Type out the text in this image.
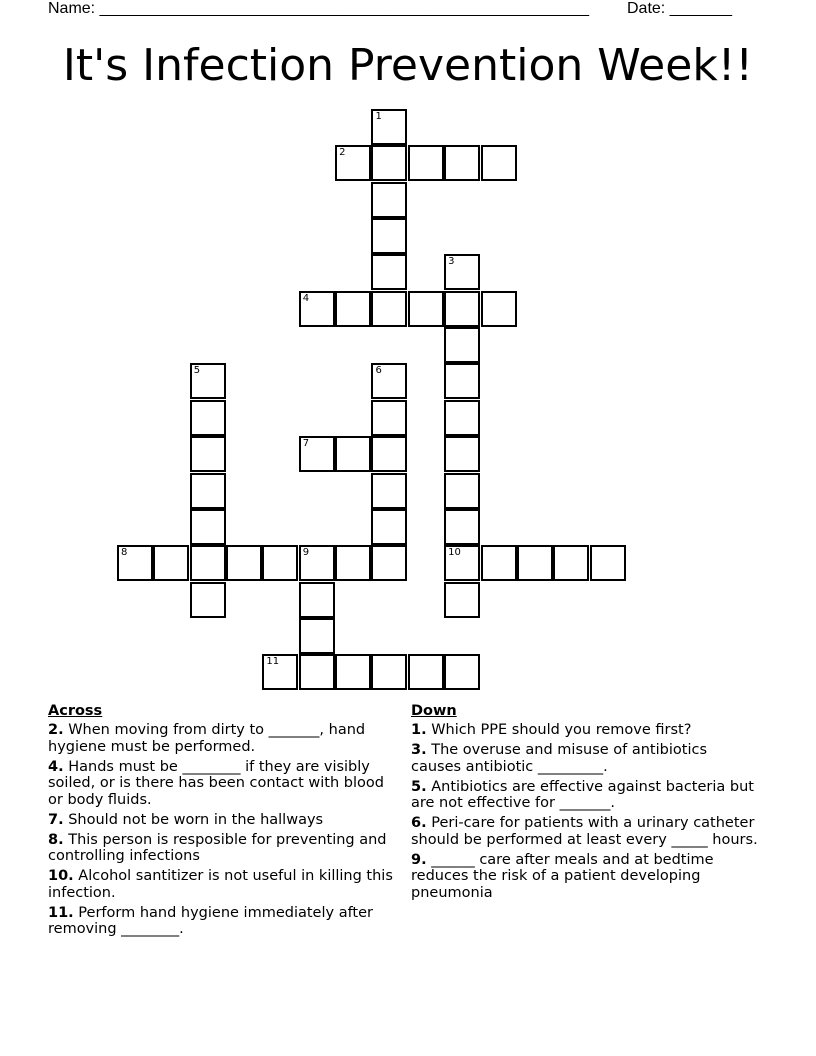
Name: _______________________________________________________ Date: _______
It's Infection Prevention Week!!
1
2
3
4
5	6
7
8	9	10
11
Across
2. When moving from dirty to _______, hand hygiene must be performed.
4. Hands must be ________ if they are visibly soiled, or is there has been contact with blood or body fluids.
7. Should not be worn in the hallways
8. This person is resposible for preventing and controlling infections
10. Alcohol santitizer is not useful in killing this infection.
11. Perform hand hygiene immediately after removing ________.
Down
1. Which PPE should you remove first?
3. The overuse and misuse of antibiotics causes antibiotic _________.
5. Antibiotics are effective against bacteria but are not effective for _______.
6. Peri-care for patients with a urinary catheter should be performed at least every _____ hours.
9. ______ care after meals and at bedtime reduces the risk of a patient developing pneumonia
